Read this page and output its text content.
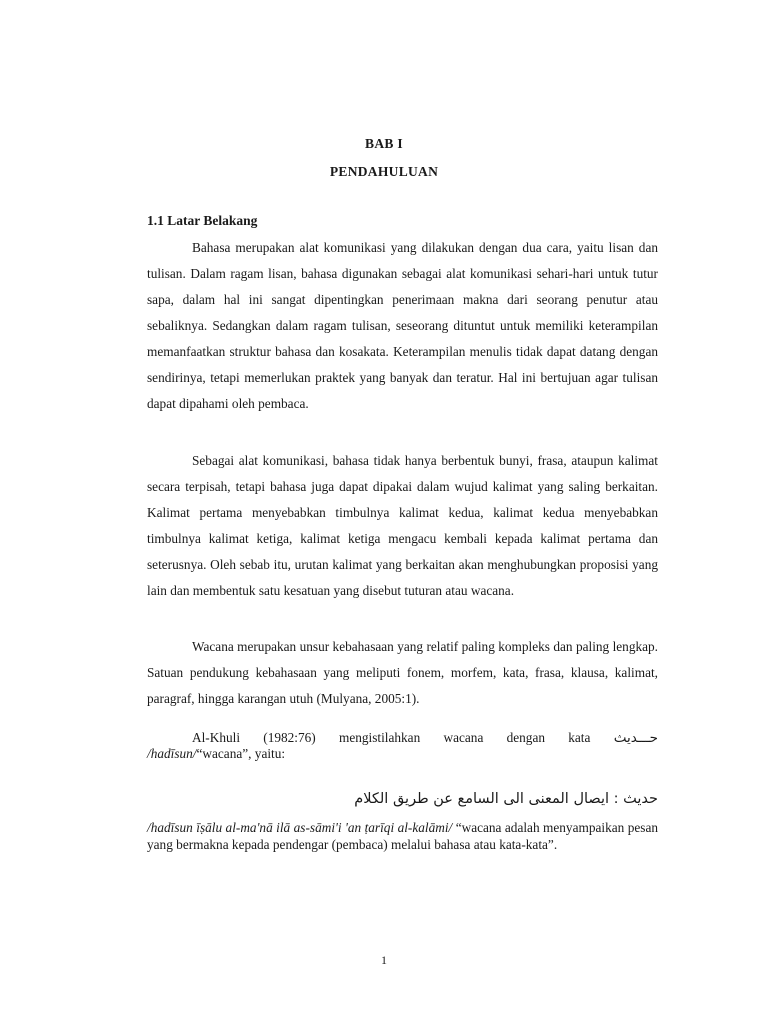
BAB I
PENDAHULUAN
1.1 Latar Belakang

Bahasa merupakan alat komunikasi yang dilakukan dengan dua cara, yaitu lisan dan tulisan. Dalam ragam lisan, bahasa digunakan sebagai alat komunikasi sehari-hari untuk tutur sapa, dalam hal ini sangat dipentingkan penerimaan makna dari seorang penutur atau sebaliknya. Sedangkan dalam ragam tulisan, seseorang dituntut untuk memiliki keterampilan memanfaatkan struktur bahasa dan kosakata. Keterampilan menulis tidak dapat datang dengan sendirinya, tetapi memerlukan praktek yang banyak dan teratur. Hal ini bertujuan agar tulisan dapat dipahami oleh pembaca.

Sebagai alat komunikasi, bahasa tidak hanya berbentuk bunyi, frasa, ataupun kalimat secara terpisah, tetapi bahasa juga dapat dipakai dalam wujud kalimat yang saling berkaitan. Kalimat pertama menyebabkan timbulnya kalimat kedua, kalimat kedua menyebabkan timbulnya kalimat ketiga, kalimat ketiga mengacu kembali kepada kalimat pertama dan seterusnya. Oleh sebab itu, urutan kalimat yang berkaitan akan menghubungkan proposisi yang lain dan membentuk satu kesatuan yang disebut tuturan atau wacana.

Wacana merupakan unsur kebahasaan yang relatif paling kompleks dan paling lengkap. Satuan pendukung kebahasaan yang meliputi fonem, morfem, kata, frasa, klausa, kalimat, paragraf, hingga karangan utuh (Mulyana, 2005:1).

Al-Khuli (1982:76) mengistilahkan wacana dengan kata حـــديث

/hadīsun/“wacana”, yaitu:

حديث : ايصال المعنى الى السامع عن طريق الكلام

/hadīsun īṣālu al-ma'nā ilā as-sāmi'i 'an ṭarīqi al-kalāmi/ “wacana adalah menyampaikan pesan yang bermakna kepada pendengar (pembaca) melalui bahasa atau kata-kata”.

1
